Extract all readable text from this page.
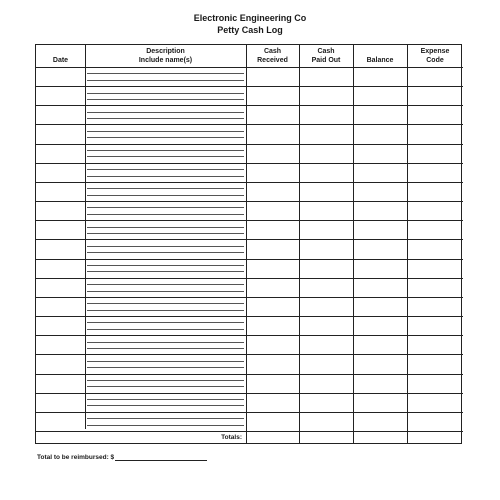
Electronic Engineering Co
Petty Cash Log
Date
Description
Include name(s)
Cash
Received
Cash
Paid Out	Balance
Expense
Code
Totals:
Total to be reimbursed: $
